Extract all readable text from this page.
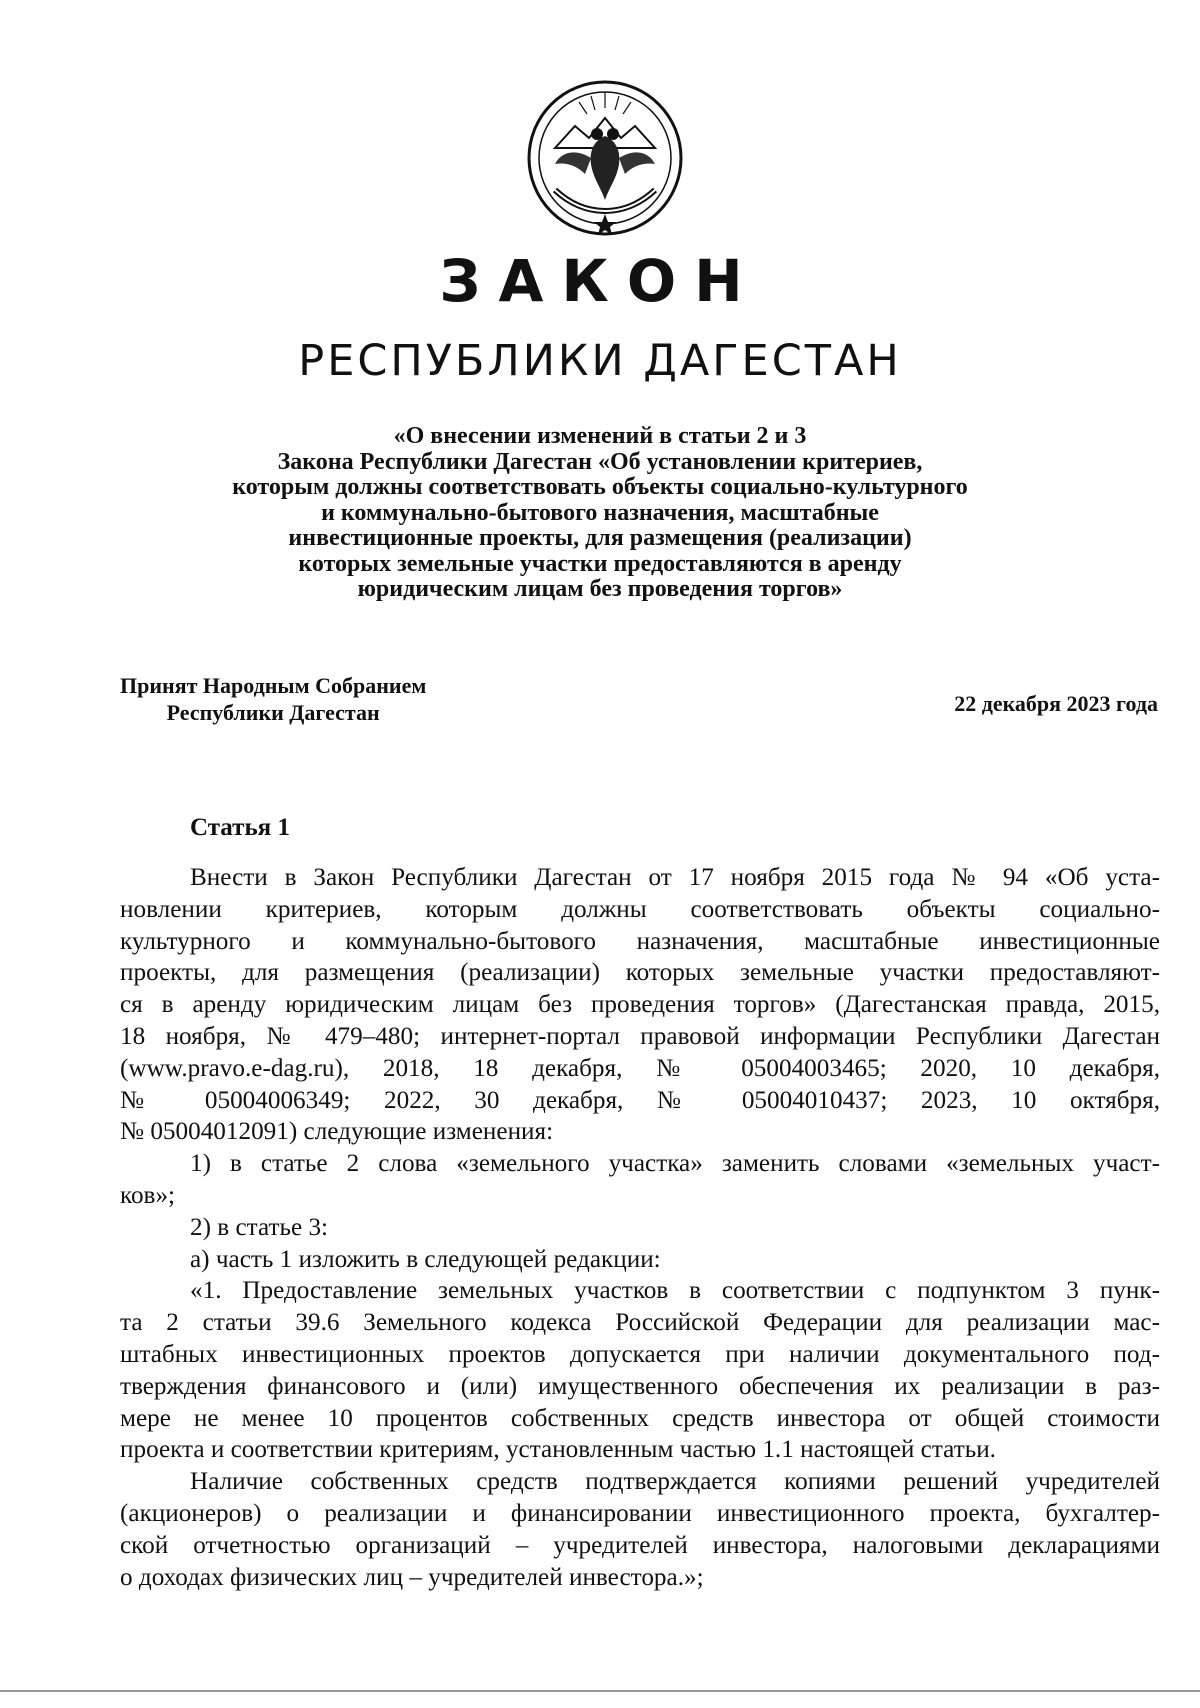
ЗАКОН
РЕСПУБЛИКИ ДАГЕСТАН
«О внесении изменений в статьи 2 и 3
Закона Республики Дагестан «Об установлении критериев,
которым должны соответствовать объекты социально-культурного
и коммунально-бытового назначения, масштабные
инвестиционные проекты, для размещения (реализации)
которых земельные участки предоставляются в аренду
юридическим лицам без проведения торгов»
Принят Народным Собранием
Республики Дагестан	22 декабря 2023 года
Статья 1
Внести в Закон Республики Дагестан от 17 ноября 2015 года № 94 «Об уста-
новлении критериев, которым должны соответствовать объекты социально-
культурного и коммунально-бытового назначения, масштабные инвестиционные
проекты, для размещения (реализации) которых земельные участки предоставляют-
ся в аренду юридическим лицам без проведения торгов» (Дагестанская правда, 2015,
18 ноября, № 479–480; интернет-портал правовой информации Республики Дагестан
(www.pravo.e-dag.ru), 2018, 18 декабря, № 05004003465; 2020, 10 декабря,
№ 05004006349; 2022, 30 декабря, № 05004010437; 2023, 10 октября,
№ 05004012091) следующие изменения:
1) в статье 2 слова «земельного участка» заменить словами «земельных участ-
ков»;
2) в статье 3:
а) часть 1 изложить в следующей редакции:
«1. Предоставление земельных участков в соответствии с подпунктом 3 пунк-
та 2 статьи 39.6 Земельного кодекса Российской Федерации для реализации мас-
штабных инвестиционных проектов допускается при наличии документального под-
тверждения финансового и (или) имущественного обеспечения их реализации в раз-
мере не менее 10 процентов собственных средств инвестора от общей стоимости
проекта и соответствии критериям, установленным частью 1.1 настоящей статьи.
Наличие собственных средств подтверждается копиями решений учредителей
(акционеров) о реализации и финансировании инвестиционного проекта, бухгалтер-
ской отчетностью организаций – учредителей инвестора, налоговыми декларациями
о доходах физических лиц – учредителей инвестора.»;
